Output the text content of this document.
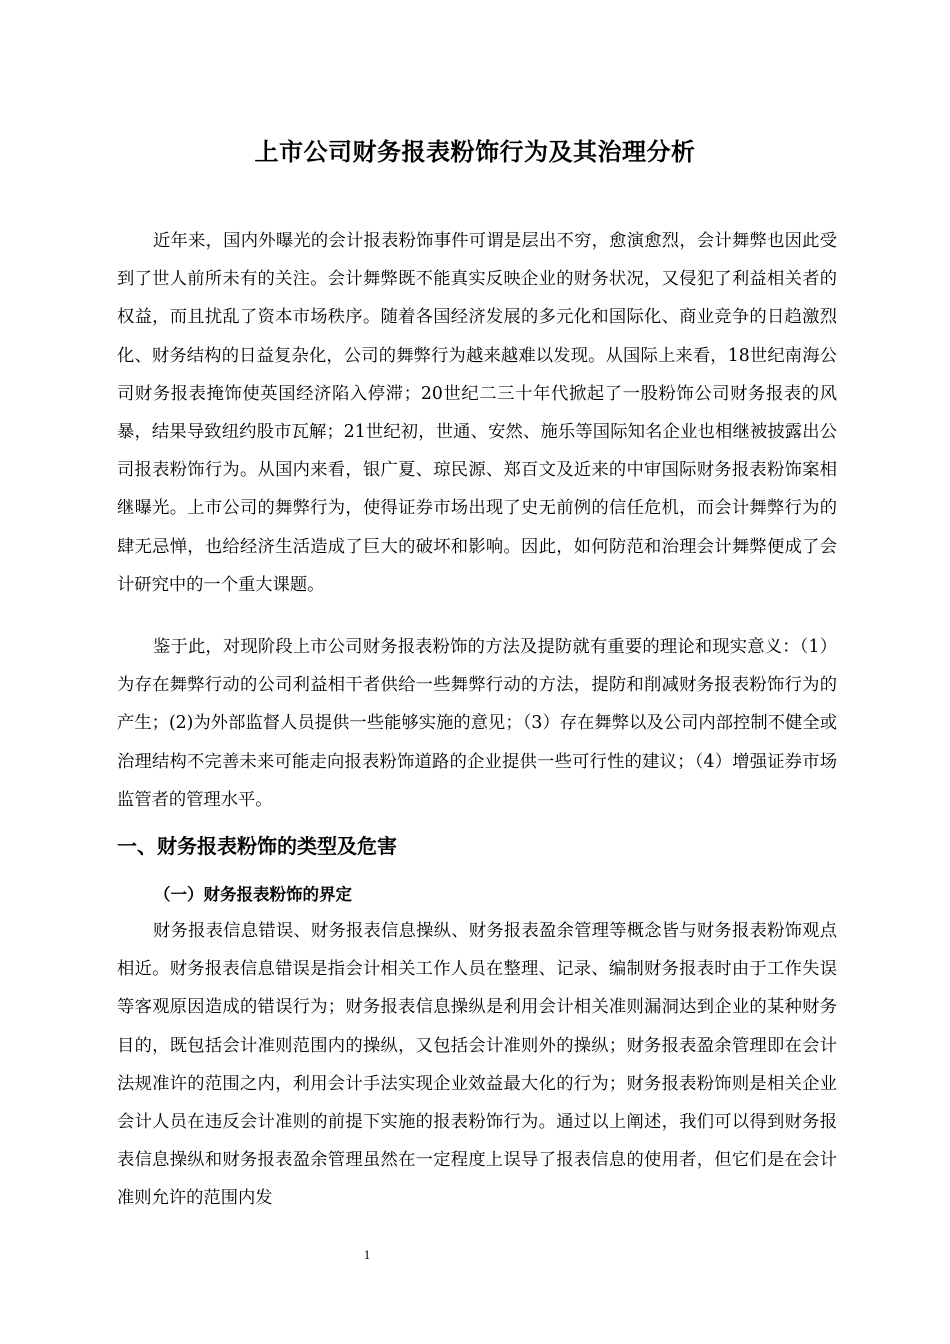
上市公司财务报表粉饰行为及其治理分析

近年来，国内外曝光的会计报表粉饰事件可谓是层出不穷，愈演愈烈，会计舞弊也因此受到了世人前所未有的关注。会计舞弊既不能真实反映企业的财务状况，又侵犯了利益相关者的权益，而且扰乱了资本市场秩序。随着各国经济发展的多元化和国际化、商业竞争的日趋激烈化、财务结构的日益复杂化，公司的舞弊行为越来越难以发现。从国际上来看，18世纪南海公司财务报表掩饰使英国经济陷入停滞；20世纪二三十年代掀起了一股粉饰公司财务报表的风暴，结果导致纽约股市瓦解；21世纪初，世通、安然、施乐等国际知名企业也相继被披露出公司报表粉饰行为。从国内来看，银广夏、琼民源、郑百文及近来的中审国际财务报表粉饰案相继曝光。上市公司的舞弊行为，使得证券市场出现了史无前例的信任危机，而会计舞弊行为的肆无忌惮，也给经济生活造成了巨大的破坏和影响。因此，如何防范和治理会计舞弊便成了会计研究中的一个重大课题。

鉴于此，对现阶段上市公司财务报表粉饰的方法及提防就有重要的理论和现实意义：（1）为存在舞弊行动的公司利益相干者供给一些舞弊行动的方法，提防和削减财务报表粉饰行为的产生；(2)为外部监督人员提供一些能够实施的意见；（3）存在舞弊以及公司内部控制不健全或治理结构不完善未来可能走向报表粉饰道路的企业提供一些可行性的建议；（4）增强证券市场监管者的管理水平。

一、财务报表粉饰的类型及危害
（一）财务报表粉饰的界定

财务报表信息错误、财务报表信息操纵、财务报表盈余管理等概念皆与财务报表粉饰观点相近。财务报表信息错误是指会计相关工作人员在整理、记录、编制财务报表时由于工作失误等客观原因造成的错误行为；财务报表信息操纵是利用会计相关准则漏洞达到企业的某种财务目的，既包括会计准则范围内的操纵，又包括会计准则外的操纵；财务报表盈余管理即在会计法规准许的范围之内，利用会计手法实现企业效益最大化的行为；财务报表粉饰则是相关企业会计人员在违反会计准则的前提下实施的报表粉饰行为。通过以上阐述，我们可以得到财务报表信息操纵和财务报表盈余管理虽然在一定程度上误导了报表信息的使用者，但它们是在会计准则允许的范围内发

1
